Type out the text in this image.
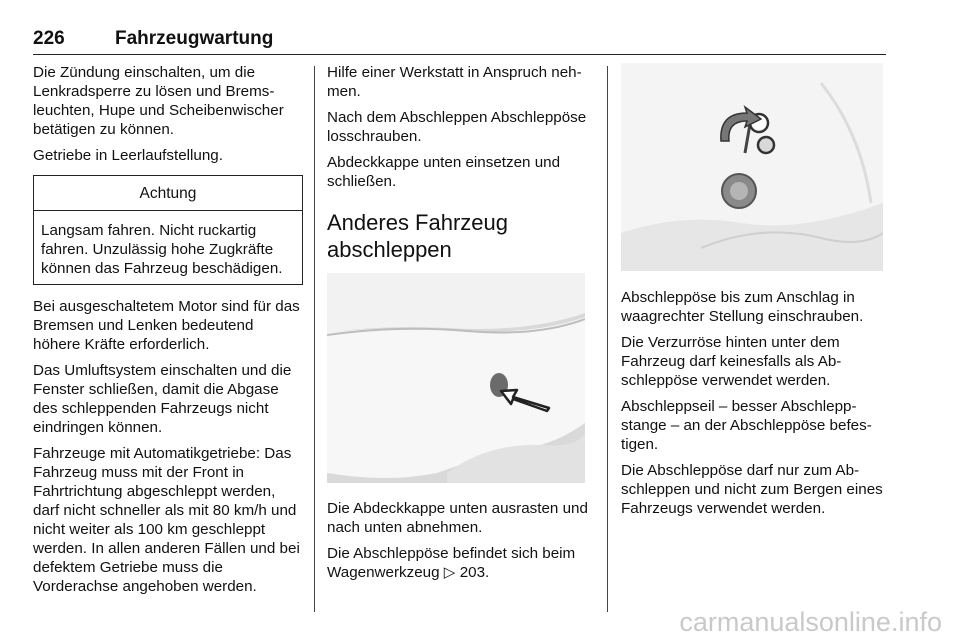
226	Fahrzeugwartung

Die Zündung einschalten, um die Lenkradsperre zu lösen und Bremsleuchten, Hupe und Scheibenwischer betätigen zu können.

Getriebe in Leerlaufstellung.

Achtung
Langsam fahren. Nicht ruckartig fahren. Unzulässig hohe Zugkräfte können das Fahrzeug beschädigen.

Bei ausgeschaltetem Motor sind für das Bremsen und Lenken bedeutend höhere Kräfte erforderlich.

Das Umluftsystem einschalten und die Fenster schließen, damit die Abgase des schleppenden Fahrzeugs nicht eindringen können.

Fahrzeuge mit Automatikgetriebe: Das Fahrzeug muss mit der Front in Fahrtrichtung abgeschleppt werden, darf nicht schneller als mit 80 km/h und nicht weiter als 100 km geschleppt werden. In allen anderen Fällen und bei defektem Getriebe muss die Vorderachse angehoben werden.

Hilfe einer Werkstatt in Anspruch nehmen.

Nach dem Abschleppen Abschleppöse losschrauben.

Abdeckkappe unten einsetzen und schließen.

Anderes Fahrzeug abschleppen

Die Abdeckkappe unten ausrasten und nach unten abnehmen.

Die Abschleppöse befindet sich beim Wagenwerkzeug ▷ 203.

Abschleppöse bis zum Anschlag in waagrechter Stellung einschrauben.

Die Verzurröse hinten unter dem Fahrzeug darf keinesfalls als Abschleppöse verwendet werden.

Abschleppseil – besser Abschleppstange – an der Abschleppöse befestigen.

Die Abschleppöse darf nur zum Abschleppen und nicht zum Bergen eines Fahrzeugs verwendet werden.

carmanualsonline.info
